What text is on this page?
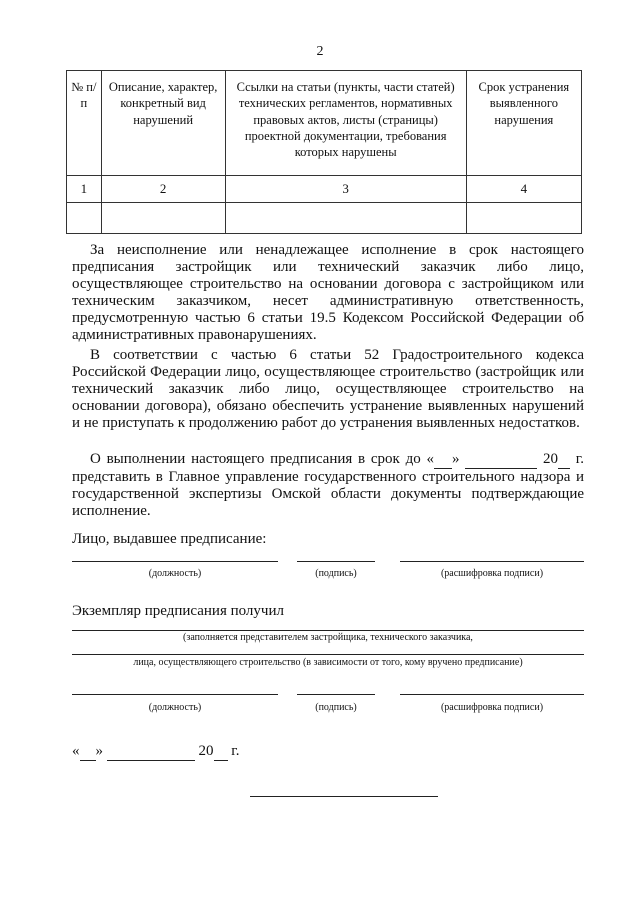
2
№ п/п	Описание, характер, конкретный вид нарушений	Ссылки на статьи (пункты, части статей) технических регламентов, нормативных правовых актов, листы (страницы) проектной документации, требования которых нарушены	Срок устранения выявленного нарушения
1	2	3	4

За неисполнение или ненадлежащее исполнение в срок настоящего предписания застройщик или технический заказчик либо лицо, осуществляющее строительство на основании договора с застройщиком или техническим заказчиком, несет административную ответственность, предусмотренную частью 6 статьи 19.5 Кодексом Российской Федерации об административных правонарушениях.

В соответствии с частью 6 статьи 52 Градостроительного кодекса Российской Федерации лицо, осуществляющее строительство (застройщик или технический заказчик либо лицо, осуществляющее строительство на основании договора), обязано обеспечить устранение выявленных нарушений и не приступать к продолжению работ до устранения выявленных недостатков.

О выполнении настоящего предписания в срок до « »	20 г. представить в Главное управление государственного строительного надзора и государственной экспертизы Омской области документы подтверждающие исполнение.

Лицо, выдавшее предписание:
(должность)	(подпись)	(расшифровка подписи)
Экземпляр предписания получил
(заполняется представителем застройщика, технического заказчика,
лица, осуществляющего строительство (в зависимости от того, кому вручено предписание)
(должность)	(подпись)	(расшифровка подписи)
« »	20 г.
